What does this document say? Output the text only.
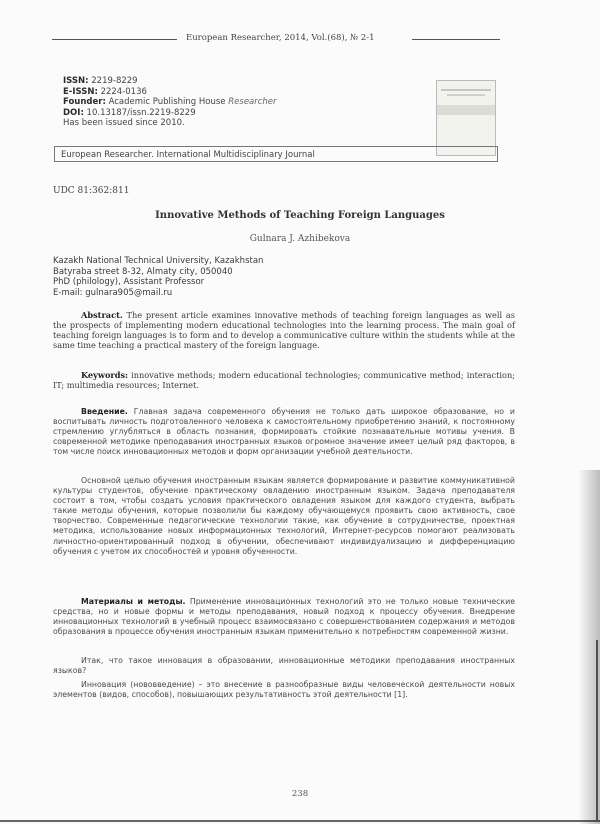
European Researcher, 2014, Vol.(68), № 2-1
ISSN: 2219-8229
E-ISSN: 2224-0136
Founder: Academic Publishing House Researcher
DOI: 10.13187/issn.2219-8229
Has been issued since 2010.
European Researcher. International Multidisciplinary Journal
UDC 81:362:811
Innovative Methods of Teaching Foreign Languages
Gulnara J. Azhibekova
Kazakh National Technical University, Kazakhstan
Batyraba street 8-32, Almaty city, 050040
PhD (philology), Assistant Professor
E-mail: gulnara905@mail.ru

Abstract. The present article examines innovative methods of teaching foreign languages as well as the prospects of implementing modern educational technologies into the learning process. The main goal of teaching foreign languages is to form and to develop a communicative culture within the students while at the same time teaching a practical mastery of the foreign language.

Keywords: innovative methods; modern educational technologies; communicative method; interaction; IT; multimedia resources; Internet.

Введение. Главная задача современного обучения не только дать широкое образование, но и воспитывать личность подготовленного человека к самостоятельному приобретению знаний, к постоянному стремлению углубляться в область познания, формировать стойкие познавательные мотивы учения. В современной методике преподавания иностранных языков огромное значение имеет целый ряд факторов, в том числе поиск инновационных методов и форм организации учебной деятельности.

Основной целью обучения иностранным языкам является формирование и развитие коммуникативной культуры студентов, обучение практическому овладению иностранным языком. Задача преподавателя состоит в том, чтобы создать условия практического овладения языком для каждого студента, выбрать такие методы обучения, которые позволили бы каждому обучающемуся проявить свою активность, свое творчество. Современные педагогические технологии такие, как обучение в сотрудничестве, проектная методика, использование новых информационных технологий, Интернет-ресурсов помогают реализовать личностно-ориентированный подход в обучении, обеспечивают индивидуализацию и дифференциацию обучения с учетом их способностей и уровня обученности.

Материалы и методы. Применение инновационных технологий это не только новые технические средства, но и новые формы и методы преподавания, новый подход к процессу обучения. Внедрение инновационных технологий в учебный процесс взаимосвязано с совершенствованием содержания и методов образования в процессе обучения иностранным языкам применительно к потребностям современной жизни.

Итак, что такое инновация в образовании, инновационные методики преподавания иностранных языков?

Инновация (нововведение) – это внесение в разнообразные виды человеческой деятельности новых элементов (видов, способов), повышающих результативность этой деятельности [1].

238
